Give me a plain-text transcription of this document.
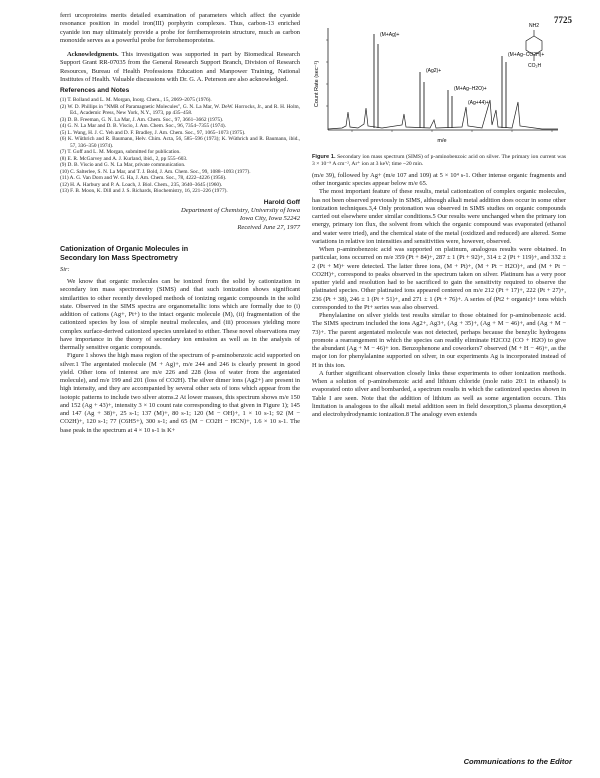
7725

ferri urcoproteins merits detailed examination of parameters which affect the cyanide resonance position in model iron(III) porphyrin complexes. Thus, carbon-13 enriched cyanide ion may ultimately provide a probe for ferrihemoprotein structure, much as carbon monoxide serves as a powerful probe for ferrohemoproteins.

Acknowledgments. This investigation was supported in part by Biomedical Research Support Grant RR-07035 from the General Research Support Branch, Division of Research Resources, Bureau of Health Professions Education and Manpower Training, National Institutes of Health. Valuable discussions with Dr. G. A. Peterson are also acknowledged.

References and Notes
(1) T. Bolland and L. M. Morgan, Inorg. Chem., 15, 2069–2075 (1976).
(2) W. D. Phillips in "NMR of Paramagnetic Molecules", G. N. La Mar, W. DeW. Horrocks, Jr., and R. H. Holm, Ed., Academic Press, New York, N.Y., 1973, pp 435–458.
(3) D. B. Freeman, G. N. La Mar, J. Am. Chem. Soc., 97, 3661–3662 (1975).
(4) G. N. La Mar and D. B. Viscio, J. Am. Chem. Soc., 96, 7354–7355 (1974).
(5) L. Wang, H. J. C. Yeh and D. F. Bradley, J. Am. Chem. Soc., 97, 1065–1073 (1975).
(6) K. Wüthrich and R. Baumann, Helv. Chim. Acta, 56, 585–596 (1973); K. Wüthrich and R. Baumann, ibid., 57, 336–350 (1974).
(7) T. Goff and L. M. Morgan, submitted for publication.
(8) E. R. McGarvey and A. J. Kurland, ibid., 2, pp 555–603.
(9) D. B. Viscio and G. N. La Mar, private communication.
(10) C. Salterlee, S. N. La Mar, and T. J. Bold, J. Am. Chem. Soc., 99, 1088–1093 (1977).
(11) A. G. Van Dorn and W. G. Ha, J. Am. Chem. Soc., 78, 4222–4226 (1956).
(12) H. A. Harbury and P. A. Loach, J. Biol. Chem., 235, 3640–3645 (1960).
(13) F. B. Moon, K. Dill and J. S. Richards, Biochemistry, 16, 221–226 (1977).
Harold Goff
Department of Chemistry, University of Iowa
Iowa City, Iowa 52242
Received June 27, 1977
Cationization of Organic Molecules in
Secondary Ion Mass Spectrometry
Sir:

We know that organic molecules can be ionized from the solid by cationization in secondary ion mass spectrometry (SIMS) and that such ionization shows significant similarities to other recently developed methods of ionizing organic compounds in the solid state. Observed in the SIMS spectra are organometallic ions which are formally due to (i) addition of cations (Ag+, Pt+) to the intact organic molecule (M), (ii) fragmentation of the cationized species by loss of simple neutral molecules, and (iii) processes yielding more complex surface-derived cationized species unrelated to either. These novel observations may have importance in the theory of secondary ion emission as well as in the analysis of thermally sensitive organic compounds.

Figure 1 shows the high mass region of the spectrum of p-aminobenzoic acid supported on silver.1 The argentated molecule (M + Ag)+, m/e 244 and 246 is clearly present in good yield. Other ions of interest are m/e 226 and 228 (loss of water from the argentated molecule), and m/e 199 and 201 (loss of CO2H). The silver dimer ions (Ag2+) are present in high intensity, and they are accompanied by several other sets of ions which appear from the isotopic patterns to include two silver atoms.2 At lower masses, this spectrum shows m/e 150 and 152 (Ag + 43)+, intensity 3 × 10 count rate corresponding to that given in Figure 1); 145 and 147 (Ag + 38)+, 25 s-1; 137 (M)+, 80 s-1; 120 (M − OH)+, 1 × 10 s-1; 92 (M − CO2H)+, 120 s-1; 77 (C6H5+), 300 s-1; and 65 (M − CO2H − HCN)+, 1.6 × 10 s-1. The base peak in the spectrum at 4 × 10 s-1 is K+

Count Rate (sec⁻¹)
(M+Ag)+
(Ag2)+
(M+Ag−H2O)+
(M+Ag−CO2H)+
(Ag+44)+
NH2
CO₂H
m/e
Figure 1. Secondary ion mass spectrum (SIMS) of p-aminobenzoic acid on silver. The primary ion current was 3 × 10⁻⁹ A cm⁻², Ar⁺ ion at 3 keV; time ~20 min.

(m/e 39), followed by Ag+ (m/e 107 and 109) at 5 × 10⁴ s-1. Other intense organic fragments and other inorganic species appear below m/e 65.

The most important feature of these results, metal cationization of complex organic molecules, has not been observed previously in SIMS, although alkali metal addition does occur in some other ionization techniques.3,4 Only protonation was observed in SIMS studies on organic compounds carried out elsewhere under similar conditions.5 Our results were unchanged when the primary ion energy, primary ion flux, the solvent from which the organic compound was evaporated (ethanol and water were tried), and the chemical state of the metal (oxidized and reduced) are altered. Some variations in relative ion intensities and sensitivities were, however, observed.

When p-aminobenzoic acid was supported on platinum, analogous results were obtained. In particular, ions occurred on m/e 359 (Pt + 84)+, 287 ± 1 (Pt + 92)+, 314 ± 2 (Pt + 119)+, and 332 ± 2 (Pt + M)+ were detected. The latter three ions, (M + Pt)+, (M + Pt − H2O)+, and (M + Pt − CO2H)+, correspond to peaks observed in the spectrum taken on silver. Platinum has a very poor sputter yield and resolution had to be sacrificed to gain the sensitivity required to observe the platinated species. Other platinated ions appeared centered on m/e 212 (Pt + 17)+, 222 (Pt + 27)+, 236 (Pt + 38), 246 ± 1 (Pt + 51)+, and 271 ± 1 (Pt + 76)+. A series of (Pt2 + organic)+ ions which corresponded to the Pt+ series was also observed.

Phenylalanine on silver yields test results similar to those obtained for p-aminobenzoic acid. The SIMS spectrum included the ions Ag2+, Ag3+, (Ag + 35)+, (Ag + M − 46)+, and (Ag + M − 73)+. The parent argentated molecule was not detected, perhaps because the benzylic hydrogens promote a rearrangement in which the species can readily eliminate H2CO2 (CO + H2O) to give the abundant (Ag + M − 46)+ ion. Benzophenone and coworkers7 observed (M + H − 46)+, as the major ion for phenylalanine supported on silver, in our experiments Ag is incorporated instead of H in this ion.

A further significant observation closely links these experiments to other ionization methods. When a solution of p-aminobenzoic acid and lithium chloride (mole ratio 20:1 in ethanol) is evaporated onto silver and bombarded, a spectrum results in which the cationized species shown in Table I are seen. Note that the addition of lithium as well as some argentation occurs. This limitation is analogous to the alkali metal addition seen in field desorption,3 plasma desorption,4 and electrohydrodynamic ionization.8 The analogy even extends

Communications to the Editor
